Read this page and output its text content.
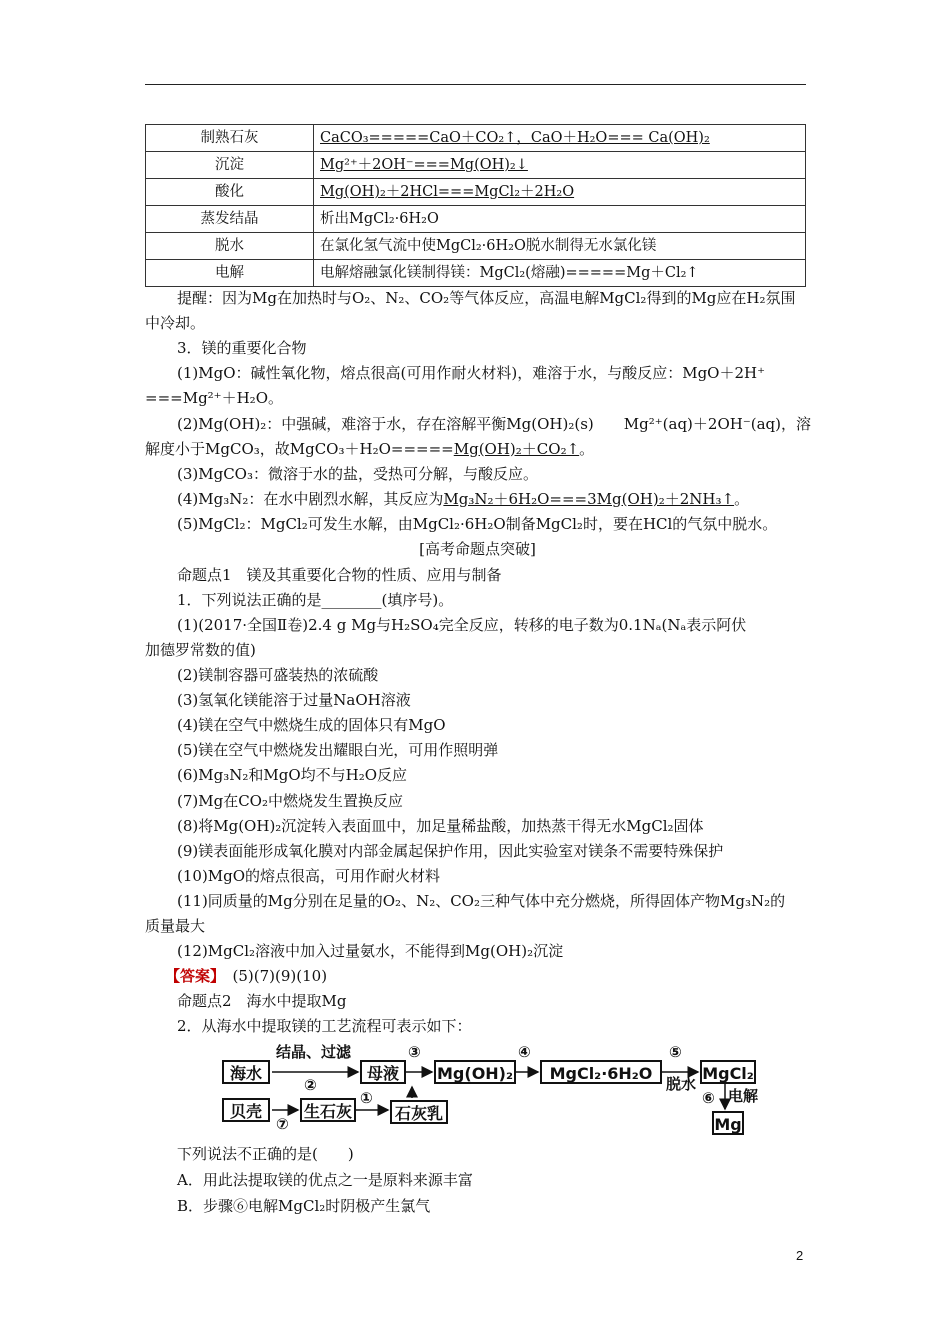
制熟石灰	CaCO₃=====CaO＋CO₂↑，CaO＋H₂O=== Ca(OH)₂
沉淀	Mg²⁺＋2OH⁻===Mg(OH)₂↓
酸化	Mg(OH)₂＋2HCl===MgCl₂＋2H₂O
蒸发结晶	析出MgCl₂·6H₂O
脱水	在氯化氢气流中使MgCl₂·6H₂O脱水制得无水氯化镁
电解	电解熔融氯化镁制得镁：MgCl₂(熔融)=====Mg＋Cl₂↑
提醒：因为Mg在加热时与O₂、N₂、CO₂等气体反应，高温电解MgCl₂得到的Mg应在H₂氛围
中冷却。
3．镁的重要化合物
(1)MgO：碱性氧化物，熔点很高(可用作耐火材料)，难溶于水，与酸反应：MgO＋2H⁺
===Mg²⁺＋H₂O。
(2)Mg(OH)₂：中强碱，难溶于水，存在溶解平衡Mg(OH)₂(s)　　Mg²⁺(aq)＋2OH⁻(aq)，溶
解度小于MgCO₃，故MgCO₃＋H₂O=====Mg(OH)₂＋CO₂↑。
(3)MgCO₃：微溶于水的盐，受热可分解，与酸反应。
(4)Mg₃N₂：在水中剧烈水解，其反应为Mg₃N₂＋6H₂O===3Mg(OH)₂＋2NH₃↑。
(5)MgCl₂：MgCl₂可发生水解，由MgCl₂·6H₂O制备MgCl₂时，要在HCl的气氛中脱水。
[高考命题点突破]
命题点1　镁及其重要化合物的性质、应用与制备
1．下列说法正确的是________(填序号)。
(1)(2017·全国Ⅱ卷)2.4 g Mg与H₂SO₄完全反应，转移的电子数为0.1Nₐ(Nₐ表示阿伏
加德罗常数的值)
(2)镁制容器可盛装热的浓硫酸
(3)氢氧化镁能溶于过量NaOH溶液
(4)镁在空气中燃烧生成的固体只有MgO
(5)镁在空气中燃烧发出耀眼白光，可用作照明弹
(6)Mg₃N₂和MgO均不与H₂O反应
(7)Mg在CO₂中燃烧发生置换反应
(8)将Mg(OH)₂沉淀转入表面皿中，加足量稀盐酸，加热蒸干得无水MgCl₂固体
(9)镁表面能形成氧化膜对内部金属起保护作用，因此实验室对镁条不需要特殊保护
(10)MgO的熔点很高，可用作耐火材料
(11)同质量的Mg分别在足量的O₂、N₂、CO₂三种气体中充分燃烧，所得固体产物Mg₃N₂的
质量最大
(12)MgCl₂溶液中加入过量氨水，不能得到Mg(OH)₂沉淀
【答案】　(5)(7)(9)(10)
命题点2　海水中提取Mg
2．从海水中提取镁的工艺流程可表示如下：
海水
结晶、过滤
②
母液
③
Mg(OH)₂
④
MgCl₂·6H₂O
⑤
脱水
MgCl₂
⑥ 电解
Mg
贝壳
⑦
生石灰
①
石灰乳
下列说法不正确的是(　　)
A．用此法提取镁的优点之一是原料来源丰富
B．步骤⑥电解MgCl₂时阴极产生氯气
2
